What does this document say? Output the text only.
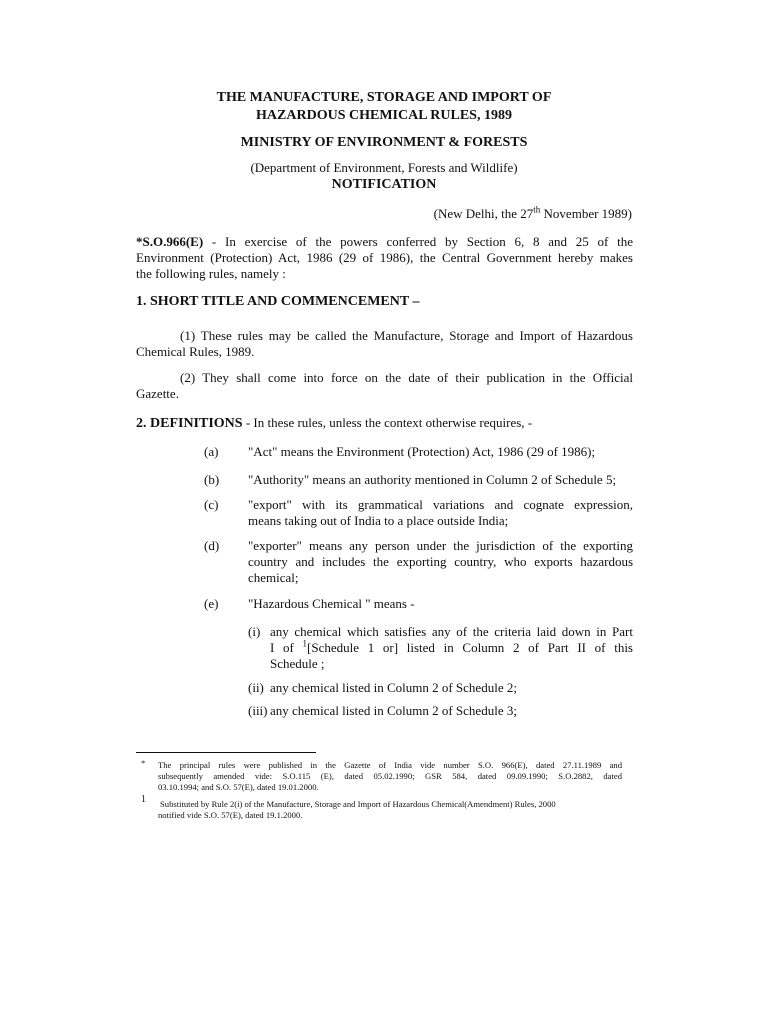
THE MANUFACTURE, STORAGE AND IMPORT OF
HAZARDOUS CHEMICAL RULES, 1989
MINISTRY OF ENVIRONMENT & FORESTS
(Department of Environment, Forests and Wildlife)
NOTIFICATION
(New Delhi, the 27th November 1989)
*S.O.966(E) - In exercise of the powers conferred by Section 6, 8 and 25 of the
Environment (Protection) Act, 1986 (29 of 1986), the Central Government hereby makes
the following rules, namely :
1. SHORT TITLE AND COMMENCEMENT –
(1) These rules may be called the Manufacture, Storage and Import of Hazardous
Chemical Rules, 1989.
(2) They shall come into force on the date of their publication in the Official
Gazette.
2. DEFINITIONS - In these rules, unless the context otherwise requires, -
(a) "Act" means the Environment (Protection) Act, 1986 (29 of 1986);
(b) "Authority" means an authority mentioned in Column 2 of Schedule 5;
(c) "export" with its grammatical variations and cognate expression,
means taking out of India to a place outside India;
(d) "exporter" means any person under the jurisdiction of the exporting
country and includes the exporting country, who exports hazardous
chemical;
(e) "Hazardous Chemical " means -
(i) any chemical which satisfies any of the criteria laid down in Part
I of $^1$[Schedule 1 or] listed in Column 2 of Part II of this
Schedule ;
(ii) any chemical listed in Column 2 of Schedule 2;
(iii) any chemical listed in Column 2 of Schedule 3;
* The principal rules were published in the Gazette of India vide number S.O. 966(E), dated 27.11.1989 and
subsequently amended vide: S.O.115 (E), dated 05.02.1990; GSR 584, dated 09.09.1990; S.O.2882, dated
03.10.1994; and S.O. 57(E), dated 19.01.2000.
1 Substituted by Rule 2(i) of the Manufacture, Storage and Import of Hazardous Chemical(Amendment) Rules, 2000
notified vide S.O. 57(E), dated 19.1.2000.
